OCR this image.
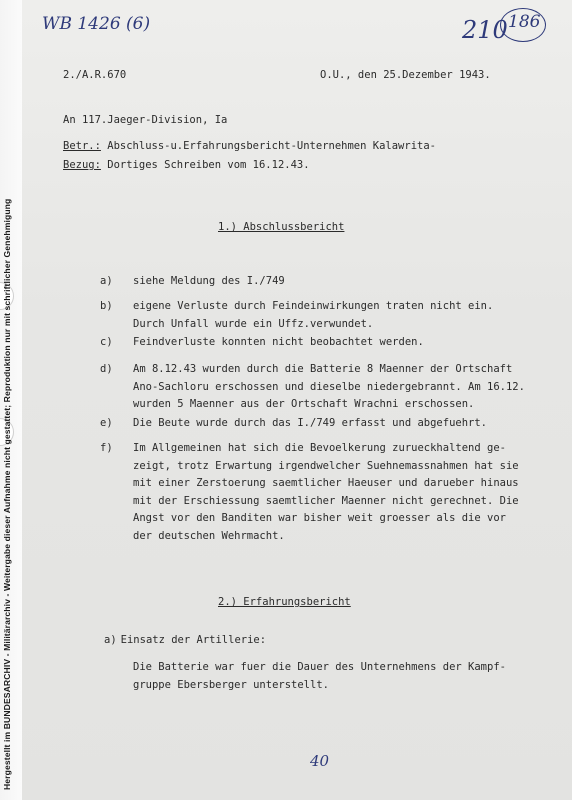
Hergestellt im BUNDESARCHIV - Militärarchiv - Weitergabe dieser Aufnahme nicht gestattet; Reproduktion nur mit schriftlicher Genehmigung
WB 1426 (6)	210 186
2./A.R.670	O.U., den 25.Dezember 1943.
An 117.Jaeger-Division, Ia
Betr.: Abschluss-u.Erfahrungsbericht-Unternehmen Kalawrita-
Bezug: Dortiges Schreiben vom 16.12.43.
1.) Abschlussbericht
a) siehe Meldung des I./749
b) eigene Verluste durch Feindeinwirkungen traten nicht ein.
Durch Unfall wurde ein Uffz.verwundet.
c) Feindverluste konnten nicht beobachtet werden.
d) Am 8.12.43 wurden durch die Batterie 8 Maenner der Ortschaft
Ano-Sachloru erschossen und dieselbe niedergebrannt. Am 16.12.
wurden 5 Maenner aus der Ortschaft Wrachni erschossen.
e) Die Beute wurde durch das I./749 erfasst und abgefuehrt.
f) Im Allgemeinen hat sich die Bevoelkerung zurueckhaltend ge-
zeigt, trotz Erwartung irgendwelcher Suehnemassnahmen hat sie
mit einer Zerstoerung saemtlicher Haeuser und darueber hinaus
mit der Erschiessung saemtlicher Maenner nicht gerechnet. Die
Angst vor den Banditen war bisher weit groesser als die vor
der deutschen Wehrmacht.
2.) Erfahrungsbericht
a) Einsatz der Artillerie:
Die Batterie war fuer die Dauer des Unternehmens der Kampf-
gruppe Ebersberger unterstellt.
40
